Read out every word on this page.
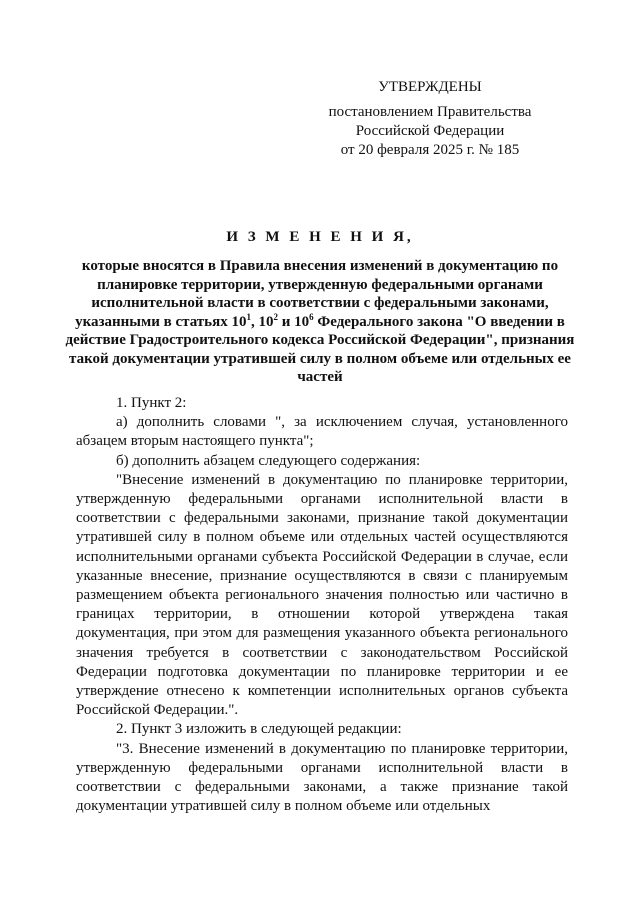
УТВЕРЖДЕНЫ
постановлением Правительства
Российской Федерации
от 20 февраля 2025 г. № 185
И З М Е Н Е Н И Я,
которые вносятся в Правила внесения изменений в документацию по планировке территории, утвержденную федеральными органами исполнительной власти в соответствии с федеральными законами, указанными в статьях $10^1$, $10^2$ и $10^6$ Федерального закона "О введении в действие Градостроительного кодекса Российской Федерации", признания такой документации утратившей силу в полном объеме или отдельных ее частей

1. Пункт 2:

а) дополнить словами ", за исключением случая, установленного абзацем вторым настоящего пункта";

б) дополнить абзацем следующего содержания:

"Внесение изменений в документацию по планировке территории, утвержденную федеральными органами исполнительной власти в соответствии с федеральными законами, признание такой документации утратившей силу в полном объеме или отдельных частей осуществляются исполнительными органами субъекта Российской Федерации в случае, если указанные внесение, признание осуществляются в связи с планируемым размещением объекта регионального значения полностью или частично в границах территории, в отношении которой утверждена такая документация, при этом для размещения указанного объекта регионального значения требуется в соответствии с законодательством Российской Федерации подготовка документации по планировке территории и ее утверждение отнесено к компетенции исполнительных органов субъекта Российской Федерации.".

2. Пункт 3 изложить в следующей редакции:

"3. Внесение изменений в документацию по планировке территории, утвержденную федеральными органами исполнительной власти в соответствии с федеральными законами, а также признание такой документации утратившей силу в полном объеме или отдельных
